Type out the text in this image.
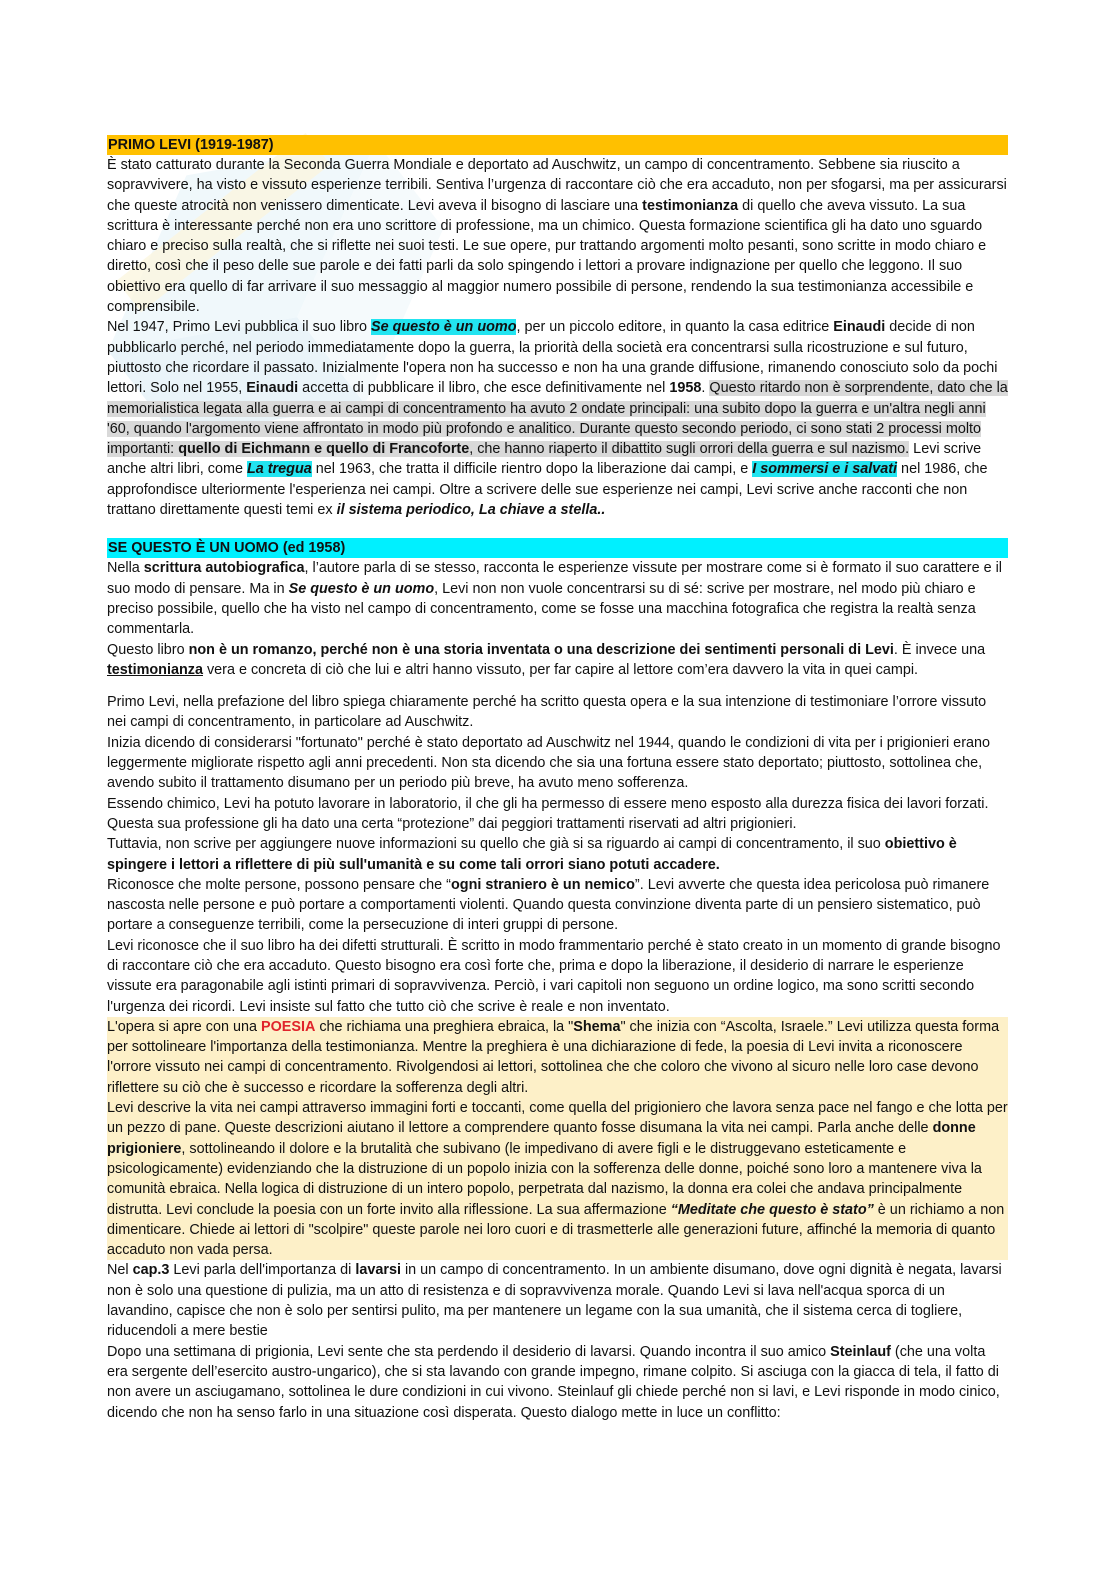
PRIMO LEVI (1919-1987)

È stato catturato durante la Seconda Guerra Mondiale e deportato ad Auschwitz, un campo di concentramento. Sebbene sia riuscito a sopravvivere, ha visto e vissuto esperienze terribili. Sentiva l’urgenza di raccontare ciò che era accaduto, non per sfogarsi, ma per assicurarsi che queste atrocità non venissero dimenticate. Levi aveva il bisogno di lasciare una testimonianza di quello che aveva vissuto. La sua scrittura è interessante perché non era uno scrittore di professione, ma un chimico. Questa formazione scientifica gli ha dato uno sguardo chiaro e preciso sulla realtà, che si riflette nei suoi testi. Le sue opere, pur trattando argomenti molto pesanti, sono scritte in modo chiaro e diretto, così che il peso delle sue parole e dei fatti parli da solo spingendo i lettori a provare indignazione per quello che leggono. Il suo obiettivo era quello di far arrivare il suo messaggio al maggior numero possibile di persone, rendendo la sua testimonianza accessibile e comprensibile.

Nel 1947, Primo Levi pubblica il suo libro Se questo è un uomo, per un piccolo editore, in quanto la casa editrice Einaudi decide di non pubblicarlo perché, nel periodo immediatamente dopo la guerra, la priorità della società era concentrarsi sulla ricostruzione e sul futuro, piuttosto che ricordare il passato. Inizialmente l'opera non ha successo e non ha una grande diffusione, rimanendo conosciuto solo da pochi lettori. Solo nel 1955, Einaudi accetta di pubblicare il libro, che esce definitivamente nel 1958. Questo ritardo non è sorprendente, dato che la memorialistica legata alla guerra e ai campi di concentramento ha avuto 2 ondate principali: una subito dopo la guerra e un'altra negli anni '60, quando l'argomento viene affrontato in modo più profondo e analitico. Durante questo secondo periodo, ci sono stati 2 processi molto importanti: quello di Eichmann e quello di Francoforte, che hanno riaperto il dibattito sugli orrori della guerra e sul nazismo. Levi scrive anche altri libri, come La tregua nel 1963, che tratta il difficile rientro dopo la liberazione dai campi, e I sommersi e i salvati nel 1986, che approfondisce ulteriormente l'esperienza nei campi. Oltre a scrivere delle sue esperienze nei campi, Levi scrive anche racconti che non trattano direttamente questi temi ex il sistema periodico, La chiave a stella..

SE QUESTO È UN UOMO (ed 1958)

Nella scrittura autobiografica, l’autore parla di se stesso, racconta le esperienze vissute per mostrare come si è formato il suo carattere e il suo modo di pensare. Ma in Se questo è un uomo, Levi non non vuole concentrarsi su di sé: scrive per mostrare, nel modo più chiaro e preciso possibile, quello che ha visto nel campo di concentramento, come se fosse una macchina fotografica che registra la realtà senza commentarla.

Questo libro non è un romanzo, perché non è una storia inventata o una descrizione dei sentimenti personali di Levi. È invece una testimonianza vera e concreta di ciò che lui e altri hanno vissuto, per far capire al lettore com’era davvero la vita in quei campi.

Primo Levi, nella prefazione del libro spiega chiaramente perché ha scritto questa opera e la sua intenzione di testimoniare l’orrore vissuto nei campi di concentramento, in particolare ad Auschwitz.

Inizia dicendo di considerarsi "fortunato" perché è stato deportato ad Auschwitz nel 1944, quando le condizioni di vita per i prigionieri erano leggermente migliorate rispetto agli anni precedenti. Non sta dicendo che sia una fortuna essere stato deportato; piuttosto, sottolinea che, avendo subito il trattamento disumano per un periodo più breve, ha avuto meno sofferenza.

Essendo chimico, Levi ha potuto lavorare in laboratorio, il che gli ha permesso di essere meno esposto alla durezza fisica dei lavori forzati. Questa sua professione gli ha dato una certa “protezione” dai peggiori trattamenti riservati ad altri prigionieri.

Tuttavia, non scrive per aggiungere nuove informazioni su quello che già si sa riguardo ai campi di concentramento, il suo obiettivo è spingere i lettori a riflettere di più sull'umanità e su come tali orrori siano potuti accadere.

Riconosce che molte persone, possono pensare che “ogni straniero è un nemico”. Levi avverte che questa idea pericolosa può rimanere nascosta nelle persone e può portare a comportamenti violenti. Quando questa convinzione diventa parte di un pensiero sistematico, può portare a conseguenze terribili, come la persecuzione di interi gruppi di persone.

Levi riconosce che il suo libro ha dei difetti strutturali. È scritto in modo frammentario perché è stato creato in un momento di grande bisogno di raccontare ciò che era accaduto. Questo bisogno era così forte che, prima e dopo la liberazione, il desiderio di narrare le esperienze vissute era paragonabile agli istinti primari di sopravvivenza. Perciò, i vari capitoli non seguono un ordine logico, ma sono scritti secondo l'urgenza dei ricordi. Levi insiste sul fatto che tutto ciò che scrive è reale e non inventato.

L'opera si apre con una POESIA che richiama una preghiera ebraica, la "Shema" che inizia con “Ascolta, Israele.” Levi utilizza questa forma per sottolineare l'importanza della testimonianza. Mentre la preghiera è una dichiarazione di fede, la poesia di Levi invita a riconoscere l'orrore vissuto nei campi di concentramento. Rivolgendosi ai lettori, sottolinea che che coloro che vivono al sicuro nelle loro case devono riflettere su ciò che è successo e ricordare la sofferenza degli altri.

Levi descrive la vita nei campi attraverso immagini forti e toccanti, come quella del prigioniero che lavora senza pace nel fango e che lotta per un pezzo di pane. Queste descrizioni aiutano il lettore a comprendere quanto fosse disumana la vita nei campi. Parla anche delle donne prigioniere, sottolineando il dolore e la brutalità che subivano (le impedivano di avere figli e le distruggevano esteticamente e psicologicamente) evidenziando che la distruzione di un popolo inizia con la sofferenza delle donne, poiché sono loro a mantenere viva la comunità ebraica. Nella logica di distruzione di un intero popolo, perpetrata dal nazismo, la donna era colei che andava principalmente distrutta. Levi conclude la poesia con un forte invito alla riflessione. La sua affermazione “Meditate che questo è stato” è un richiamo a non dimenticare. Chiede ai lettori di "scolpire" queste parole nei loro cuori e di trasmetterle alle generazioni future, affinché la memoria di quanto accaduto non vada persa.

Nel cap.3 Levi parla dell'importanza di lavarsi in un campo di concentramento. In un ambiente disumano, dove ogni dignità è negata, lavarsi non è solo una questione di pulizia, ma un atto di resistenza e di sopravvivenza morale. Quando Levi si lava nell'acqua sporca di un lavandino, capisce che non è solo per sentirsi pulito, ma per mantenere un legame con la sua umanità, che il sistema cerca di togliere, riducendoli a mere bestie

Dopo una settimana di prigionia, Levi sente che sta perdendo il desiderio di lavarsi. Quando incontra il suo amico Steinlauf (che una volta era sergente dell’esercito austro-ungarico), che si sta lavando con grande impegno, rimane colpito. Si asciuga con la giacca di tela, il fatto di non avere un asciugamano, sottolinea le dure condizioni in cui vivono. Steinlauf gli chiede perché non si lavi, e Levi risponde in modo cinico, dicendo che non ha senso farlo in una situazione così disperata. Questo dialogo mette in luce un conflitto:
